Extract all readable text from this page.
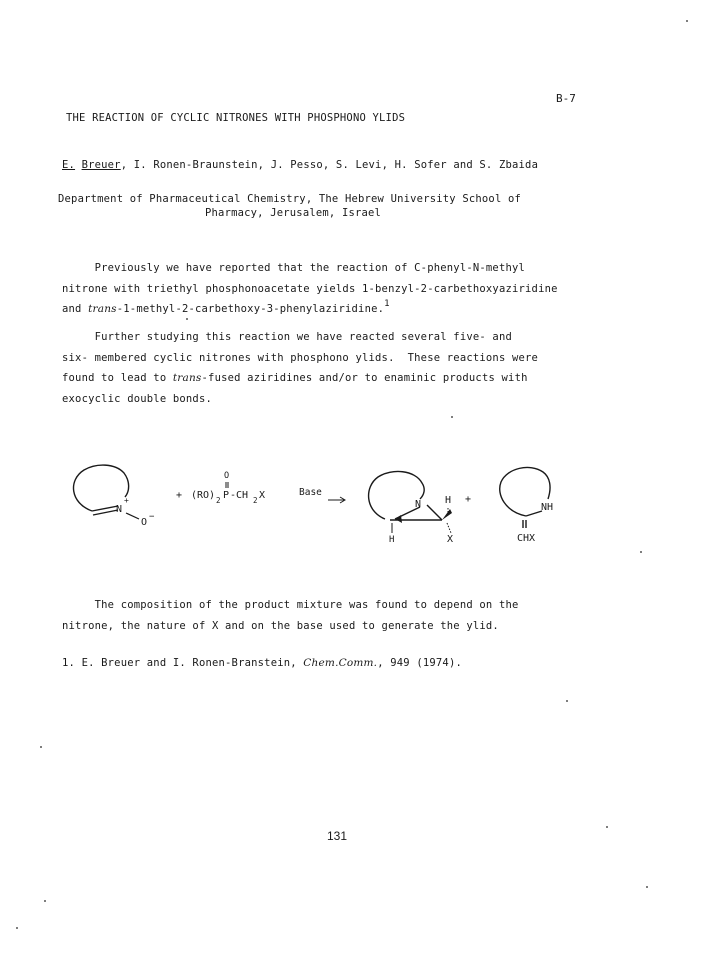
B-7
THE REACTION OF CYCLIC NITRONES WITH PHOSPHONO YLIDS
E. Breuer, I. Ronen-Braunstein, J. Pesso, S. Levi, H. Sofer and S. Zbaida
Department of Pharmaceutical Chemistry, The Hebrew University School of
Pharmacy, Jerusalem, Israel
Previously we have reported that the reaction of C-phenyl-N-methyl
nitrone with triethyl phosphonoacetate yields 1-benzyl-2-carbethoxyaziridine
and trans-1-methyl-2-carbethoxy-3-phenylaziridine.1
Further studying this reaction we have reacted several five- and
six- membered cyclic nitrones with phosphono ylids.  These reactions were
found to lead to trans-fused aziridines and/or to enaminic products with
exocyclic double bonds.
N
+
O −
+ (RO) 2 P
O
-CH 2 X	Base
N H
H	X
+
NH
CHX
The composition of the product mixture was found to depend on the
nitrone, the nature of X and on the base used to generate the ylid.
1. E. Breuer and I. Ronen-Branstein, Chem.Comm., 949 (1974).
131
